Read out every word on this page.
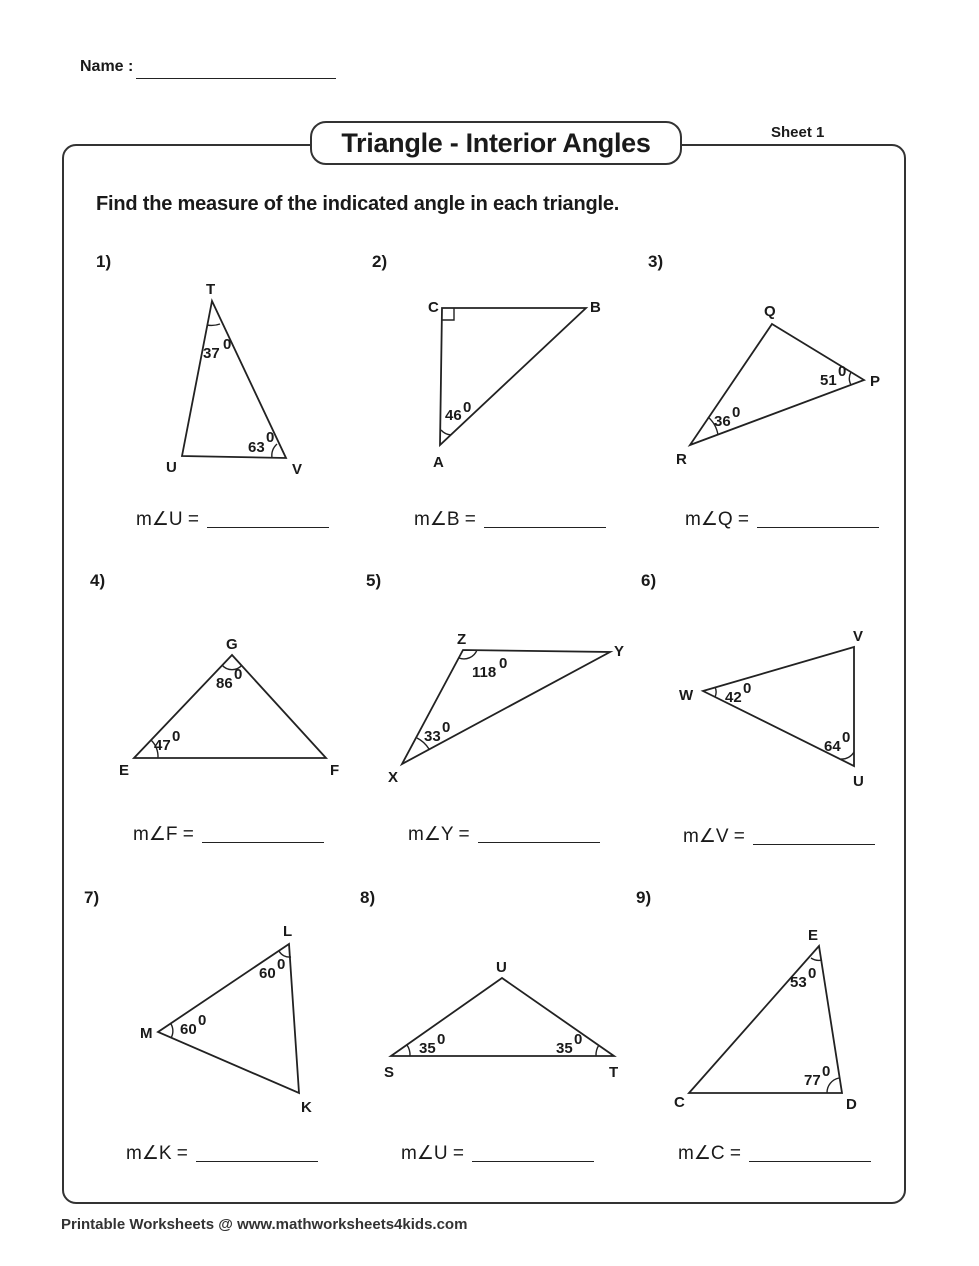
Name :
Triangle - Interior Angles	Sheet 1
Find the measure of the indicated angle in each triangle.
1)
T
U	V
37
0
63
0
m∠U =
2)
C	B
A
46 0
m∠B =
3)
Q
P
R
51
0
36
0
m∠Q =
4)
G
E	F
86
0
47
0
m∠F =
5)
Z
Y
X
118
0
33
0
m∠Y =
6)
V
W
U
42
0
64
0
m∠V =
7)
L
M
K
60
0
60
0
m∠K =
8)
U
S	T
35
0
35
0
m∠U =
9)
E
C	D
53
0
77
0
m∠C =
Printable Worksheets @ www.mathworksheets4kids.com
